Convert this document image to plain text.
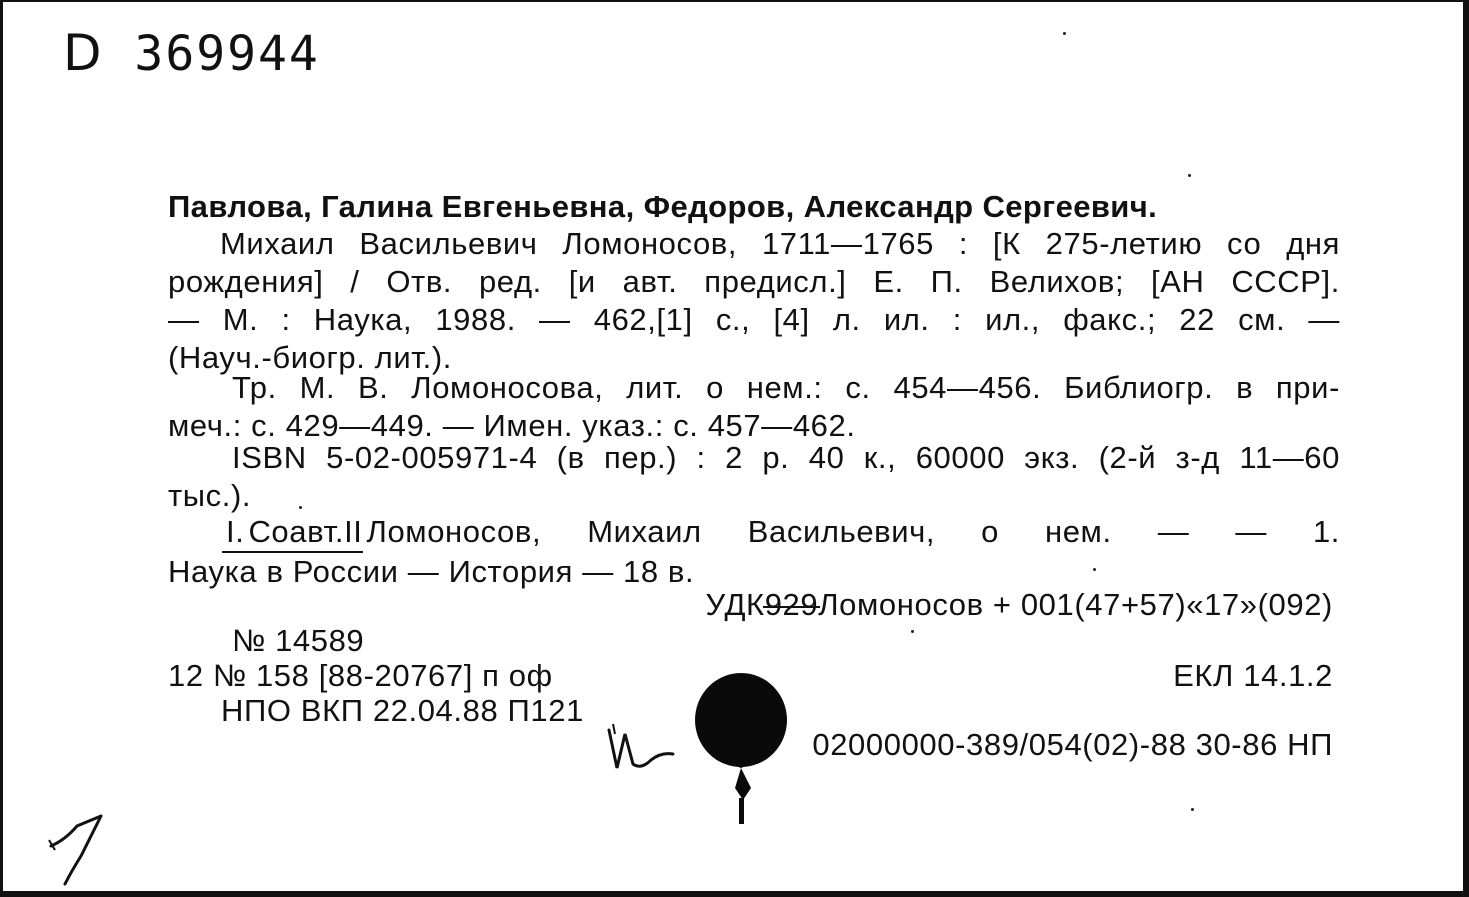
D 369944
Павлова, Галина Евгеньевна, Федоров, Александр Сергеевич.
Михаил Васильевич Ломоносов, 1711—1765 : [К 275-летию со дня
рождения] / Отв. ред. [и авт. предисл.] Е. П. Велихов; [АН СССР].
— М. : Наука, 1988. — 462,[1] с., [4] л. ил. : ил., факс.; 22 см. —
(Науч.-биогр. лит.).
Тр. М. В. Ломоносова, лит. о нем.: с. 454—456. Библиогр. в при-
меч.: с. 429—449. — Имен. указ.: с. 457—462.
ISBN 5-02-005971-4 (в пер.) : 2 р. 40 к., 60000 экз. (2-й з-д 11—60
тыс.).
I. Соавт. II Ломоносов, Михаил Васильевич, о нем. — — 1.
Наука в России — История — 18 в.
УДК929Ломоносов + 001(47+57)«17»(092)
№ 14589
12 № 158 [88-20767] п оф	ЕКЛ 14.1.2
НПО ВКП 22.04.88 П121
02000000-389/054(02)-88 30-86 НП
